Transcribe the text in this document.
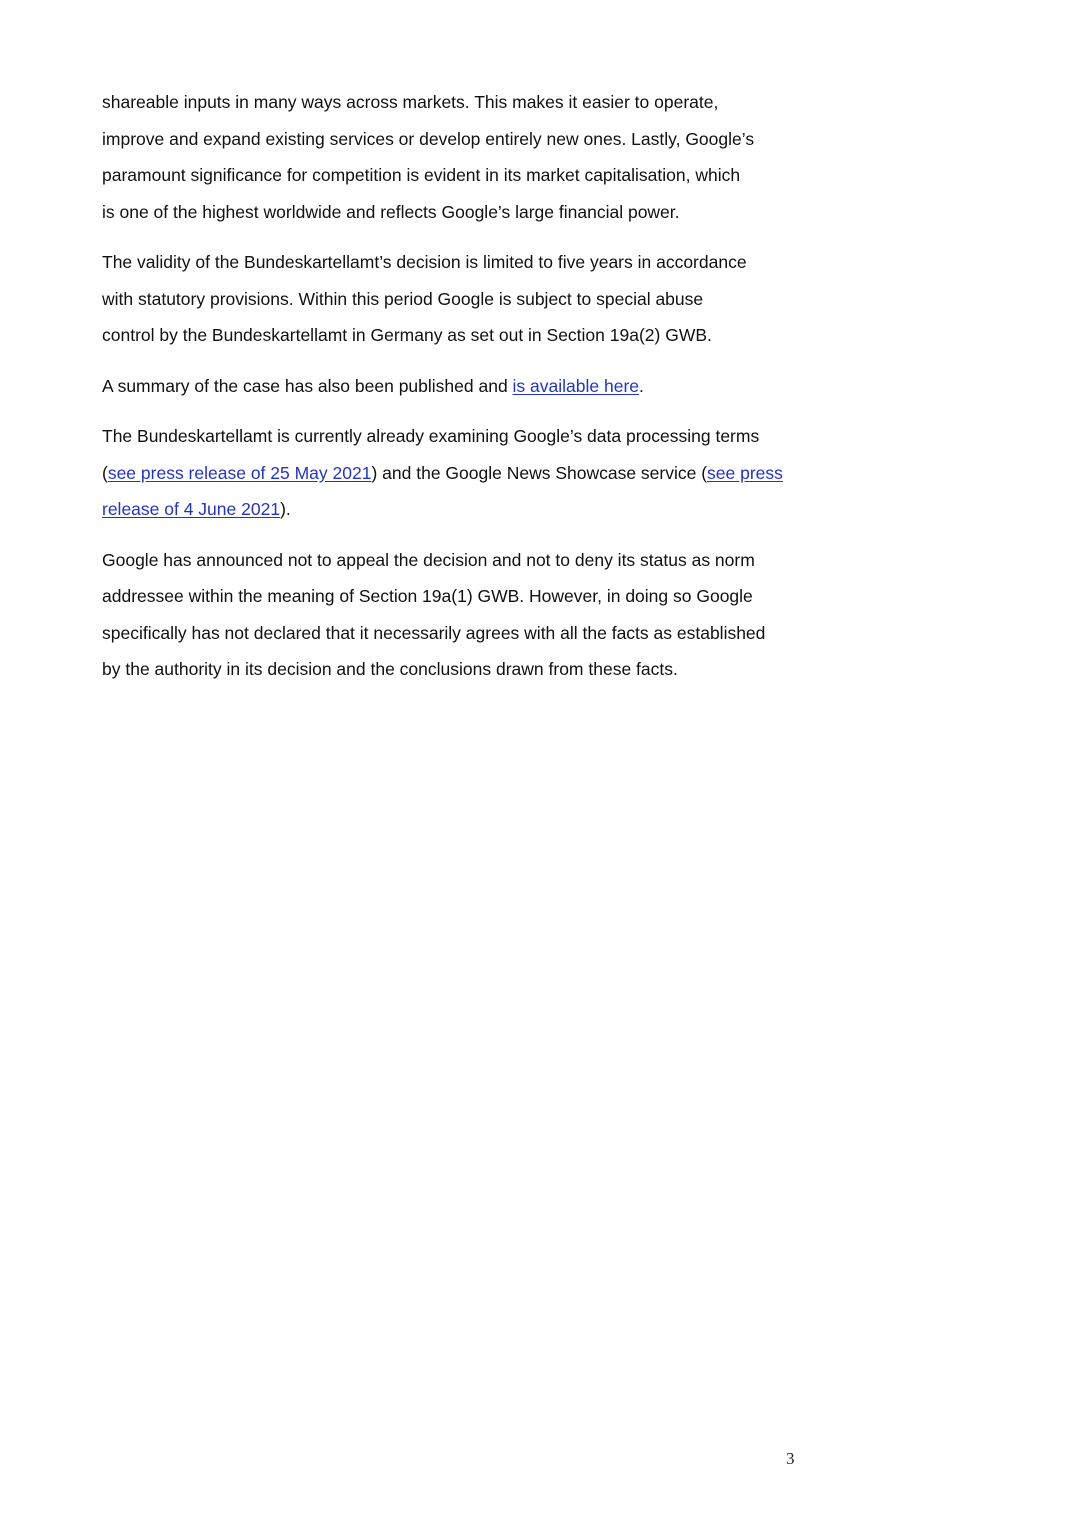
shareable inputs in many ways across markets. This makes it easier to operate,
improve and expand existing services or develop entirely new ones. Lastly, Google’s
paramount significance for competition is evident in its market capitalisation, which
is one of the highest worldwide and reflects Google’s large financial power.

The validity of the Bundeskartellamt’s decision is limited to five years in accordance
with statutory provisions. Within this period Google is subject to special abuse
control by the Bundeskartellamt in Germany as set out in Section 19a(2) GWB.

A summary of the case has also been published and is available here.

The Bundeskartellamt is currently already examining Google’s data processing terms
(see press release of 25 May 2021) and the Google News Showcase service (see press
release of 4 June 2021).

Google has announced not to appeal the decision and not to deny its status as norm
addressee within the meaning of Section 19a(1) GWB. However, in doing so Google
specifically has not declared that it necessarily agrees with all the facts as established
by the authority in its decision and the conclusions drawn from these facts.

3
